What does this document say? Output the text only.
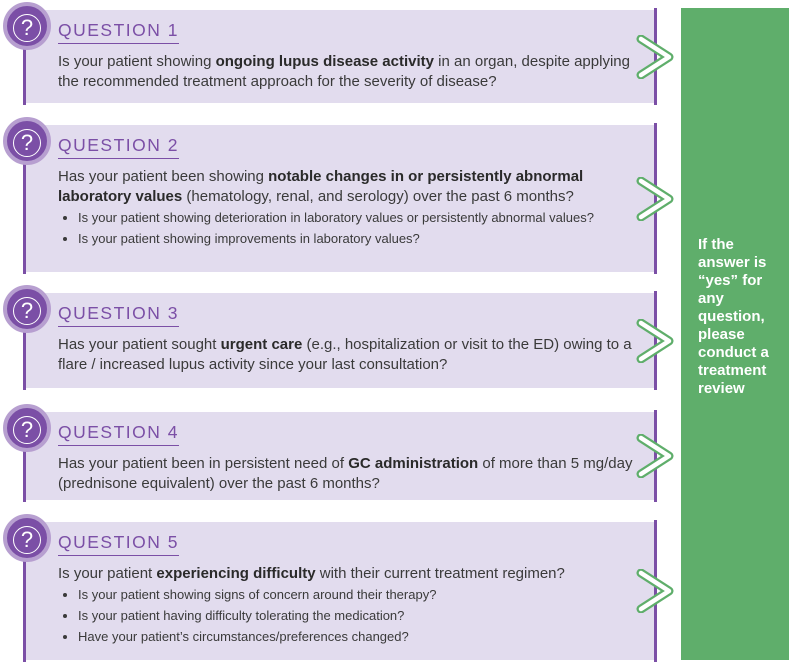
?	QUESTION 1
Is your patient showing ongoing lupus disease activity in an organ, despite applying the recommended treatment approach for the severity of disease?
?	QUESTION 2
Has your patient been showing notable changes in or persistently abnormal laboratory values (hematology, renal, and serology) over the past 6 months?
• Is your patient showing deterioration in laboratory values or persistently abnormal values?
• Is your patient showing improvements in laboratory values?
?	QUESTION 3
Has your patient sought urgent care (e.g., hospitalization or visit to the ED) owing to a flare / increased lupus activity since your last consultation?
?	QUESTION 4
Has your patient been in persistent need of GC administration of more than 5 mg/day (prednisone equivalent) over the past 6 months?
?	QUESTION 5
Is your patient experiencing difficulty with their current treatment regimen?
• Is your patient showing signs of concern around their therapy?
• Is your patient having difficulty tolerating the medication?
• Have your patient’s circumstances/preferences changed?
If the answer is “yes” for any question, please conduct a treatment review
